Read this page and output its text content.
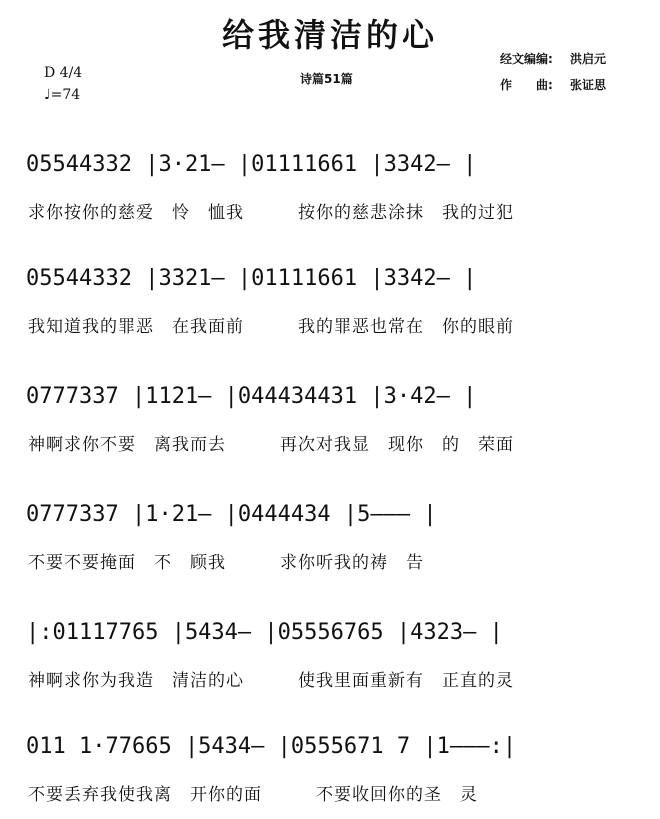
给我清洁的心
D 4/4
♩=74
诗篇51篇
经文编编:	洪启元
作　　曲:	张证思
05544332 |3·21– |01111661 |3342– |
求你按你的慈爱　怜　恤我　　　按你的慈悲涂抹　我的过犯
05544332 |3321– |01111661 |3342– |
我知道我的罪恶　在我面前　　　我的罪恶也常在　你的眼前
0777337 |1121– |044434431 |3·42– |
神啊求你不要　离我而去　　　再次对我显　现你　的　荣面
0777337 |1·21– |0444434 |5––– |
不要不要掩面　不　顾我　　　求你听我的祷　告
|:01117765 |5434– |05556765 |4323– |
神啊求你为我造　清洁的心　　　使我里面重新有　正直的灵
011 1·77665 |5434– |0555671 7 |1–––:|
不要丢弃我使我离　开你的面　　　不要收回你的圣　灵
